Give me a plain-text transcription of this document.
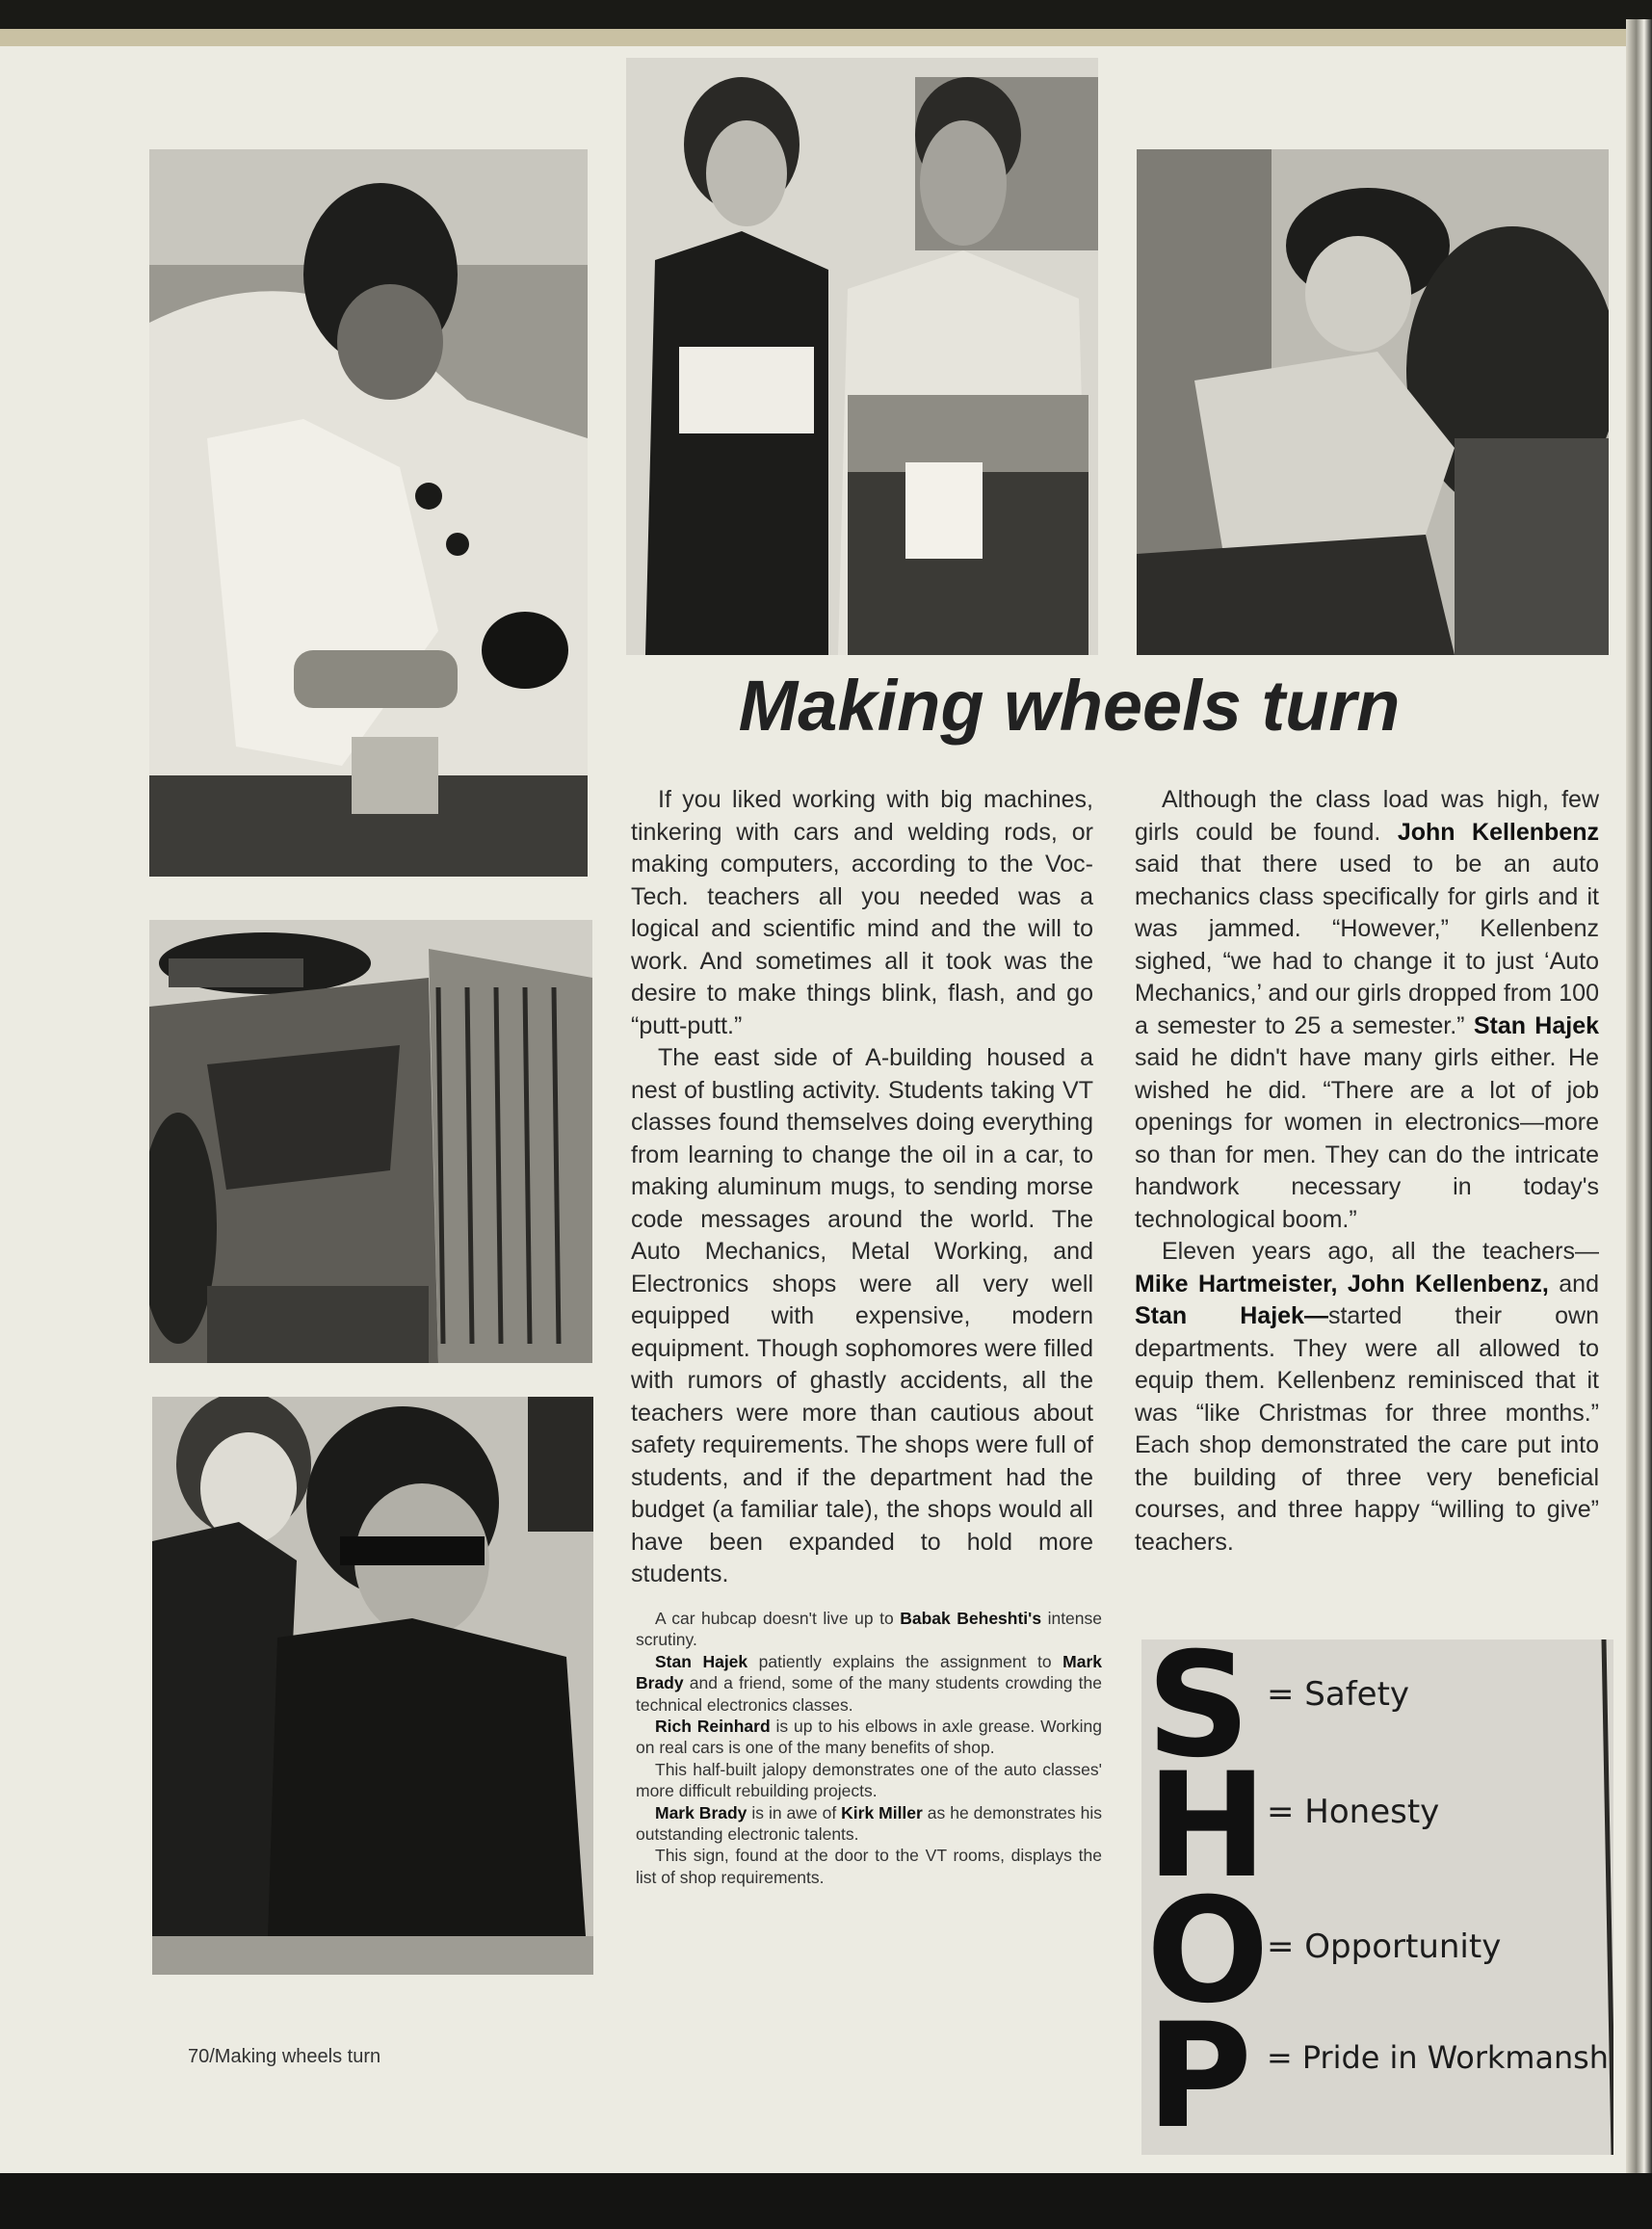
Making wheels turn

If you liked working with big machines, tinkering with cars and welding rods, or making computers, according to the Voc-Tech. teachers all you needed was a logical and scientific mind and the will to work. And sometimes all it took was the desire to make things blink, flash, and go “putt-putt.”

The east side of A-building housed a nest of bustling activity. Students taking VT classes found themselves doing everything from learning to change the oil in a car, to making aluminum mugs, to sending morse code messages around the world. The Auto Mechanics, Metal Working, and Electronics shops were all very well equipped with expensive, modern equipment. Though sophomores were filled with rumors of ghastly accidents, all the teachers were more than cautious about safety requirements. The shops were full of students, and if the department had the budget (a familiar tale), the shops would all have been expanded to hold more students.

Although the class load was high, few girls could be found. John Kellenbenz said that there used to be an auto mechanics class specifically for girls and it was jammed. “However,” Kellenbenz sighed, “we had to change it to just ‘Auto Mechanics,’ and our girls dropped from 100 a semester to 25 a semester.” Stan Hajek said he didn't have many girls either. He wished he did. “There are a lot of job openings for women in electronics—more so than for men. They can do the intricate handwork necessary in today's technological boom.”

Eleven years ago, all the teachers— Mike Hartmeister, John Kellenbenz, and Stan Hajek—started their own departments. They were all allowed to equip them. Kellenbenz reminisced that it was “like Christmas for three months.” Each shop demonstrated the care put into the building of three very beneficial courses, and three happy “willing to give” teachers.

A car hubcap doesn't live up to Babak Beheshti's intense scrutiny.

Stan Hajek patiently explains the assignment to Mark Brady and a friend, some of the many students crowding the technical electronics classes.

Rich Reinhard is up to his elbows in axle grease. Working on real cars is one of the many benefits of shop.

This half-built jalopy demonstrates one of the auto classes' more difficult rebuilding projects.

Mark Brady is in awe of Kirk Miller as he demonstrates his outstanding electronic talents.

This sign, found at the door to the VT rooms, displays the list of shop requirements.

70/Making wheels turn

S = Safety
H = Honesty
O
= Opportunity
P = Pride in Workmansh
